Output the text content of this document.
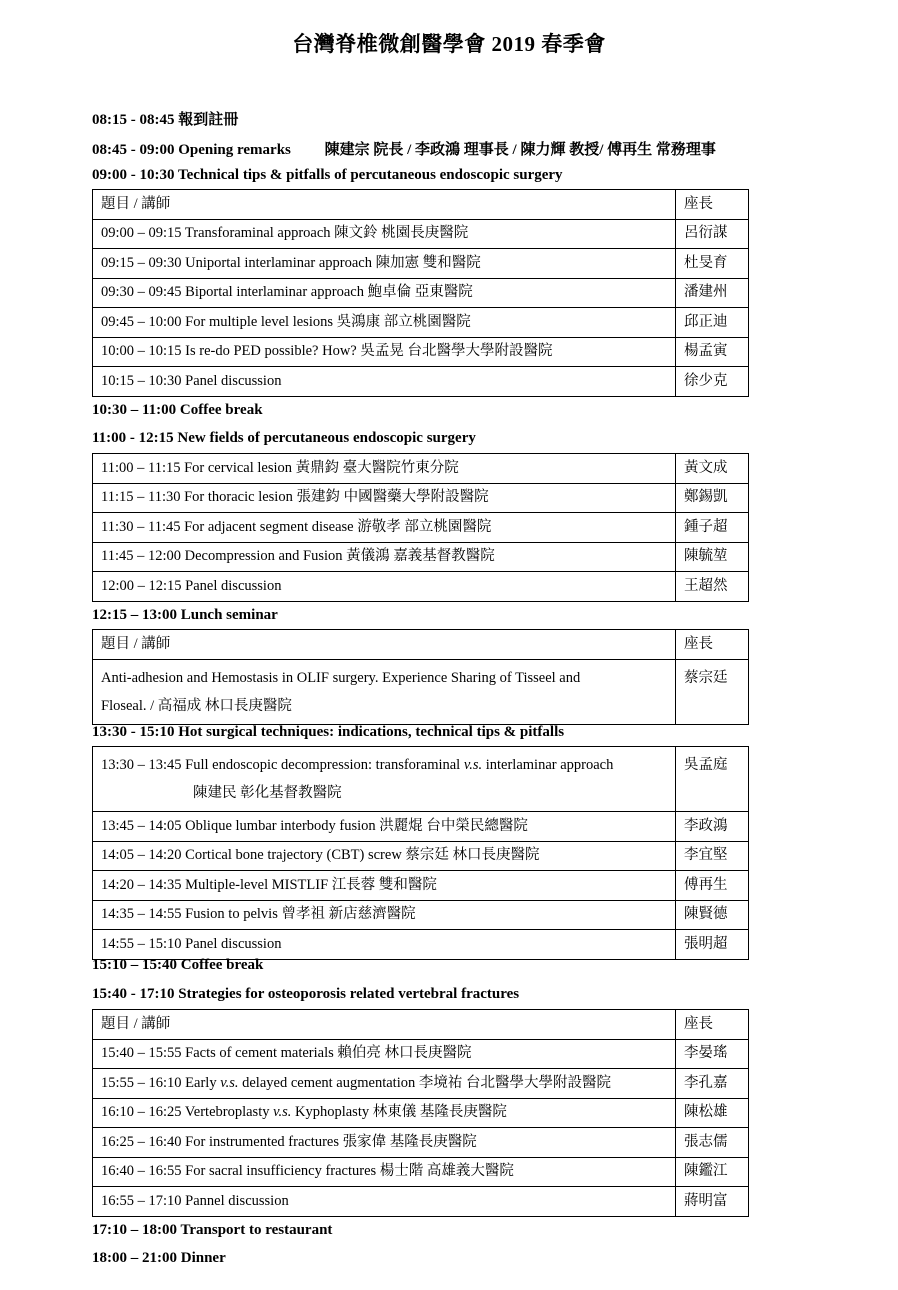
台灣脊椎微創醫學會 2019 春季會
08:15 - 08:45 報到註冊
08:45 - 09:00 Opening remarks 陳建宗 院長 / 李政鴻 理事長 / 陳力輝 教授/ 傅再生 常務理事
09:00 - 10:30 Technical tips & pitfalls of percutaneous endoscopic surgery
題目 / 講師	座長
09:00 – 09:15 Transforaminal approach 陳文鈴 桃園長庚醫院	呂衍謀
09:15 – 09:30 Uniportal interlaminar approach 陳加憲 雙和醫院	杜旻育
09:30 – 09:45 Biportal interlaminar approach 鮑卓倫 亞東醫院	潘建州
09:45 – 10:00 For multiple level lesions 吳鴻康 部立桃園醫院	邱正迪
10:00 – 10:15 Is re-do PED possible? How? 吳孟晃 台北醫學大學附設醫院	楊孟寅
10:15 – 10:30 Panel discussion	徐少克
10:30 – 11:00 Coffee break
11:00 - 12:15 New fields of percutaneous endoscopic surgery
11:00 – 11:15 For cervical lesion 黃鼎鈞 臺大醫院竹東分院	黃文成
11:15 – 11:30 For thoracic lesion 張建鈞 中國醫藥大學附設醫院	鄭錫凱
11:30 – 11:45 For adjacent segment disease 游敬孝 部立桃園醫院	鍾子超
11:45 – 12:00 Decompression and Fusion 黃儀鴻 嘉義基督教醫院	陳毓堃
12:00 – 12:15 Panel discussion	王超然
12:15 – 13:00 Lunch seminar
題目 / 講師	座長
Anti-adhesion and Hemostasis in OLIF surgery. Experience Sharing of Tisseel and
Floseal. / 高福成 林口長庚醫院	蔡宗廷
13:30 - 15:10 Hot surgical techniques: indications, technical tips & pitfalls
13:30 – 13:45 Full endoscopic decompression: transforaminal v.s. interlaminar approach
陳建民 彰化基督教醫院	吳孟庭
13:45 – 14:05 Oblique lumbar interbody fusion 洪麗焜 台中榮民總醫院	李政鴻
14:05 – 14:20 Cortical bone trajectory (CBT) screw 蔡宗廷 林口長庚醫院	李宜堅
14:20 – 14:35 Multiple-level MISTLIF 江長蓉 雙和醫院	傅再生
14:35 – 14:55 Fusion to pelvis 曾孝祖 新店慈濟醫院	陳賢德
14:55 – 15:10 Panel discussion	張明超
15:10 – 15:40 Coffee break
15:40 - 17:10 Strategies for osteoporosis related vertebral fractures
題目 / 講師	座長
15:40 – 15:55 Facts of cement materials 賴伯亮 林口長庚醫院	李晏瑤
15:55 – 16:10 Early v.s. delayed cement augmentation 李境祐 台北醫學大學附設醫院	李孔嘉
16:10 – 16:25 Vertebroplasty v.s. Kyphoplasty 林東儀 基隆長庚醫院	陳松雄
16:25 – 16:40 For instrumented fractures 張家偉 基隆長庚醫院	張志儒
16:40 – 16:55 For sacral insufficiency fractures 楊士階 高雄義大醫院	陳鑑江
16:55 – 17:10 Pannel discussion	蔣明富
17:10 – 18:00 Transport to restaurant
18:00 – 21:00 Dinner
